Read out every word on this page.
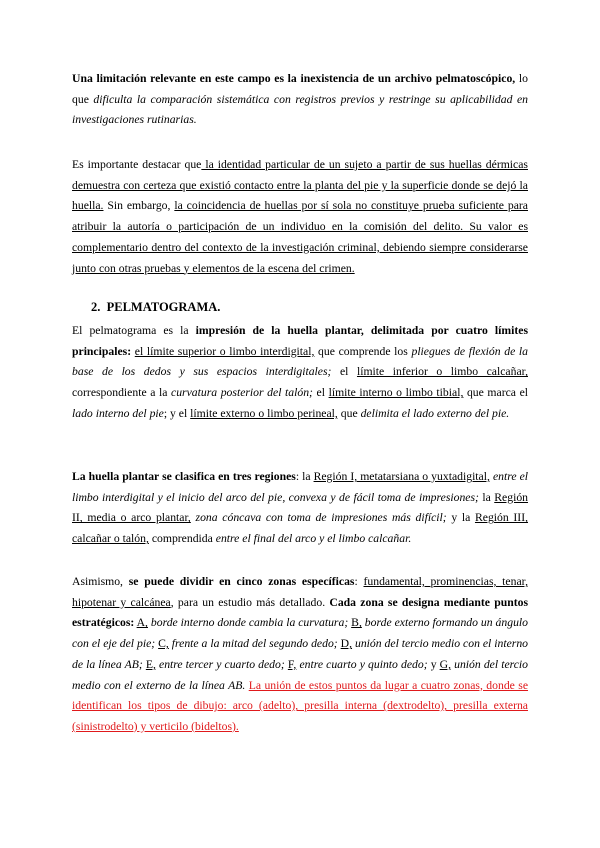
Una limitación relevante en este campo es la inexistencia de un archivo pelmatoscópico, lo que dificulta la comparación sistemática con registros previos y restringe su aplicabilidad en investigaciones rutinarias.

Es importante destacar que la identidad particular de un sujeto a partir de sus huellas dérmicas demuestra con certeza que existió contacto entre la planta del pie y la superficie donde se dejó la huella. Sin embargo, la coincidencia de huellas por sí sola no constituye prueba suficiente para atribuir la autoría o participación de un individuo en la comisión del delito. Su valor es complementario dentro del contexto de la investigación criminal, debiendo siempre considerarse junto con otras pruebas y elementos de la escena del crimen.

2. PELMATOGRAMA.

El pelmatograma es la impresión de la huella plantar, delimitada por cuatro límites principales: el límite superior o limbo interdigital, que comprende los pliegues de flexión de la base de los dedos y sus espacios interdigitales; el límite inferior o limbo calcañar, correspondiente a la curvatura posterior del talón; el límite interno o limbo tibial, que marca el lado interno del pie; y el límite externo o limbo perineal, que delimita el lado externo del pie.

La huella plantar se clasifica en tres regiones: la Región I, metatarsiana o yuxtadigital, entre el limbo interdigital y el inicio del arco del pie, convexa y de fácil toma de impresiones; la Región II, media o arco plantar, zona cóncava con toma de impresiones más difícil; y la Región III, calcañar o talón, comprendida entre el final del arco y el limbo calcañar.

Asimismo, se puede dividir en cinco zonas específicas: fundamental, prominencias, tenar, hipotenar y calcánea, para un estudio más detallado. Cada zona se designa mediante puntos estratégicos: A, borde interno donde cambia la curvatura; B, borde externo formando un ángulo con el eje del pie; C, frente a la mitad del segundo dedo; D, unión del tercio medio con el interno de la línea AB; E, entre tercer y cuarto dedo; F, entre cuarto y quinto dedo; y G, unión del tercio medio con el externo de la línea AB. La unión de estos puntos da lugar a cuatro zonas, donde se identifican los tipos de dibujo: arco (adelto), presilla interna (dextrodelto), presilla externa (sinistrodelto) y verticilo (bideltos).
